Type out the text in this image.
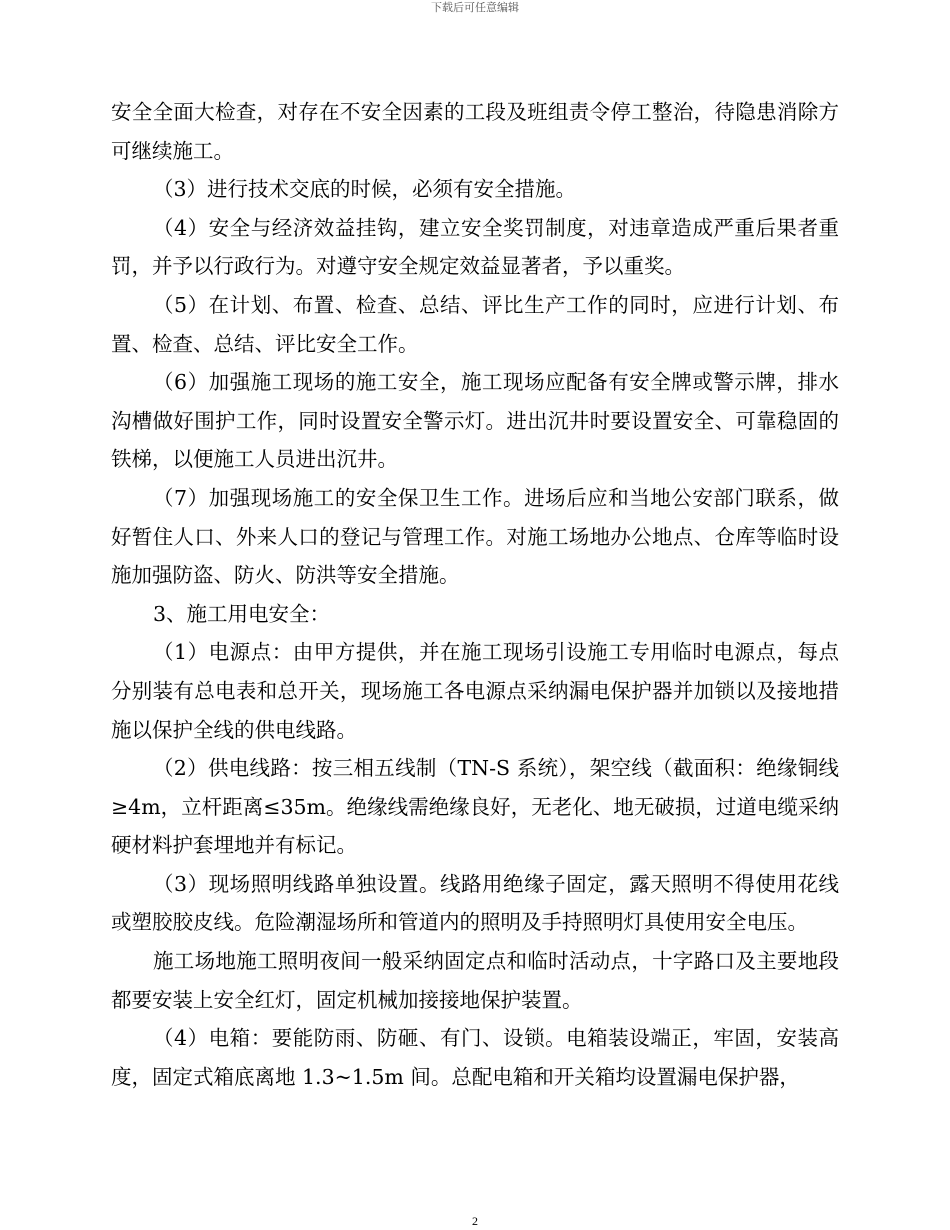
下载后可任意编辑

安全全面大检查，对存在不安全因素的工段及班组责令停工整治，待隐患消除方可继续施工。

（3）进行技术交底的时候，必须有安全措施。

（4）安全与经济效益挂钩，建立安全奖罚制度，对违章造成严重后果者重罚，并予以行政行为。对遵守安全规定效益显著者，予以重奖。

（5）在计划、布置、检查、总结、评比生产工作的同时，应进行计划、布置、检查、总结、评比安全工作。

（6）加强施工现场的施工安全，施工现场应配备有安全牌或警示牌，排水沟槽做好围护工作，同时设置安全警示灯。进出沉井时要设置安全、可靠稳固的铁梯，以便施工人员进出沉井。

（7）加强现场施工的安全保卫生工作。进场后应和当地公安部门联系，做好暂住人口、外来人口的登记与管理工作。对施工场地办公地点、仓库等临时设施加强防盗、防火、防洪等安全措施。

3、施工用电安全：

（1）电源点：由甲方提供，并在施工现场引设施工专用临时电源点，每点分别装有总电表和总开关，现场施工各电源点采纳漏电保护器并加锁以及接地措施以保护全线的供电线路。

（2）供电线路：按三相五线制（TN-S 系统），架空线（截面积：绝缘铜线≥4m，立杆距离≤35m。绝缘线需绝缘良好，无老化、地无破损，过道电缆采纳硬材料护套埋地并有标记。

（3）现场照明线路单独设置。线路用绝缘子固定，露天照明不得使用花线或塑胶胶皮线。危险潮湿场所和管道内的照明及手持照明灯具使用安全电压。

施工场地施工照明夜间一般采纳固定点和临时活动点，十字路口及主要地段都要安装上安全红灯，固定机械加接接地保护装置。

（4）电箱：要能防雨、防砸、有门、设锁。电箱装设端正，牢固，安装高度，固定式箱底离地 1.3~1.5m 间。总配电箱和开关箱均设置漏电保护器，

2
